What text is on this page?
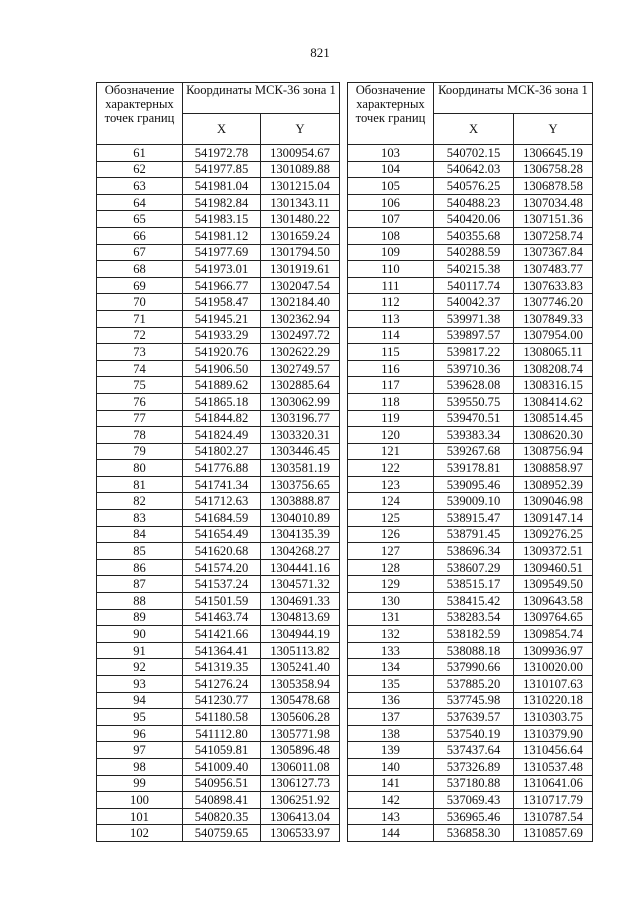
821
Обозначение характерных точек границ	Координаты МСК-36 зона 1			Обозначение характерных точек границ	Координаты МСК-36 зона 1	
	X	Y			X	Y
61	541972.78	1300954.67		103	540702.15	1306645.19
62	541977.85	1301089.88		104	540642.03	1306758.28
63	541981.04	1301215.04		105	540576.25	1306878.58
64	541982.84	1301343.11		106	540488.23	1307034.48
65	541983.15	1301480.22		107	540420.06	1307151.36
66	541981.12	1301659.24		108	540355.68	1307258.74
67	541977.69	1301794.50		109	540288.59	1307367.84
68	541973.01	1301919.61		110	540215.38	1307483.77
69	541966.77	1302047.54		111	540117.74	1307633.83
70	541958.47	1302184.40		112	540042.37	1307746.20
71	541945.21	1302362.94		113	539971.38	1307849.33
72	541933.29	1302497.72		114	539897.57	1307954.00
73	541920.76	1302622.29		115	539817.22	1308065.11
74	541906.50	1302749.57		116	539710.36	1308208.74
75	541889.62	1302885.64		117	539628.08	1308316.15
76	541865.18	1303062.99		118	539550.75	1308414.62
77	541844.82	1303196.77		119	539470.51	1308514.45
78	541824.49	1303320.31		120	539383.34	1308620.30
79	541802.27	1303446.45		121	539267.68	1308756.94
80	541776.88	1303581.19		122	539178.81	1308858.97
81	541741.34	1303756.65		123	539095.46	1308952.39
82	541712.63	1303888.87		124	539009.10	1309046.98
83	541684.59	1304010.89		125	538915.47	1309147.14
84	541654.49	1304135.39		126	538791.45	1309276.25
85	541620.68	1304268.27		127	538696.34	1309372.51
86	541574.20	1304441.16		128	538607.29	1309460.51
87	541537.24	1304571.32		129	538515.17	1309549.50
88	541501.59	1304691.33		130	538415.42	1309643.58
89	541463.74	1304813.69		131	538283.54	1309764.65
90	541421.66	1304944.19		132	538182.59	1309854.74
91	541364.41	1305113.82		133	538088.18	1309936.97
92	541319.35	1305241.40		134	537990.66	1310020.00
93	541276.24	1305358.94		135	537885.20	1310107.63
94	541230.77	1305478.68		136	537745.98	1310220.18
95	541180.58	1305606.28		137	537639.57	1310303.75
96	541112.80	1305771.98		138	537540.19	1310379.90
97	541059.81	1305896.48		139	537437.64	1310456.64
98	541009.40	1306011.08		140	537326.89	1310537.48
99	540956.51	1306127.73		141	537180.88	1310641.06
100	540898.41	1306251.92		142	537069.43	1310717.79
101	540820.35	1306413.04		143	536965.46	1310787.54
102	540759.65	1306533.97		144	536858.30	1310857.69
